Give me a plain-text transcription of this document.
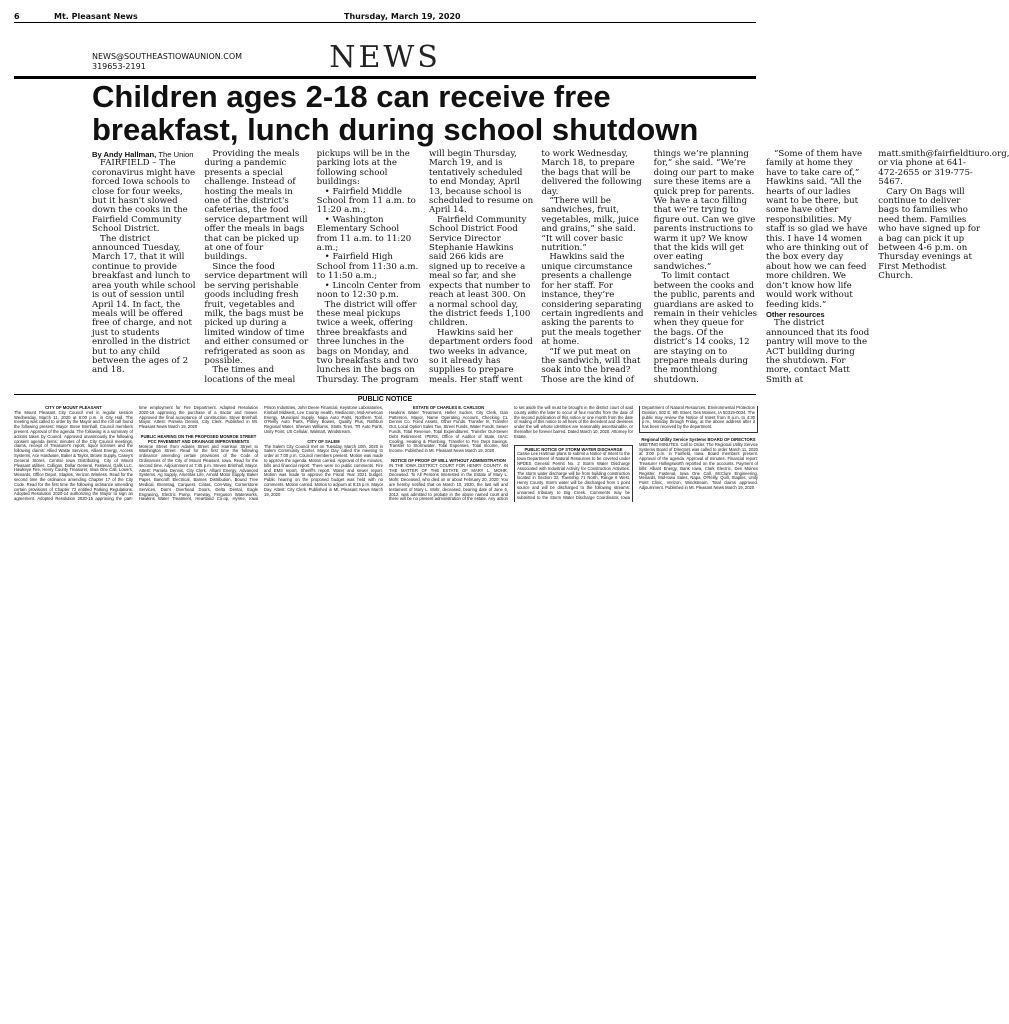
6	Mt. Pleasant News	Thursday, March 19, 2020
NEWS
NEWS@SOUTHEASTIOWAUNION.COM
319653-2191
Children ages 2-18 can receive free breakfast, lunch during school shutdown

By Andy Hallman, The Union

FAIRFIELD – The coronavirus might have forced Iowa schools to close for four weeks, but it hasn't slowed down the cooks in the Fairfield Community School District.

The district announced Tuesday, March 17, that it will continue to provide breakfast and lunch to area youth while school is out of session until April 14. In fact, the meals will be offered free of charge, and not just to students enrolled in the district but to any child between the ages of 2 and 18.

Providing the meals during a pandemic presents a special challenge. Instead of hosting the meals in one of the district's cafeterias, the food service department will offer the meals in bags that can be picked up at one of four buildings.

Since the food service department will be serving perishable goods including fresh fruit, vegetables and milk, the bags must be picked up during a limited window of time and either consumed or refrigerated as soon as possible.

The times and locations of the meal pickups will be in the parking lots at the following school buildings:

• Fairfield Middle School from 11 a.m. to 11:20 a.m.;

• Washington Elementary School from 11 a.m. to 11:20 a.m.;

• Fairfield High School from 11:30 a.m. to 11:50 a.m.;

• Lincoln Center from noon to 12:30 p.m.

The district will offer these meal pickups twice a week, offering three breakfasts and three lunches in the bags on Monday, and two breakfasts and two lunches in the bags on Thursday. The program will begin Thursday, March 19, and is tentatively scheduled to end Monday, April 13, because school is scheduled to resume on April 14.

Fairfield Community School District Food Service Director Stephanie Hawkins said 266 kids are signed up to receive a meal so far, and she expects that number to reach at least 300. On a normal school day, the district feeds 1,100 children.

Hawkins said her department orders food two weeks in advance, so it already has supplies to prepare meals. Her staff went to work Wednesday, March 18, to prepare the bags that will be delivered the following day.

“There will be sandwiches, fruit, vegetables, milk, juice and grains,” she said. “It will cover basic nutrition.”

Hawkins said the unique circumstance presents a challenge for her staff. For instance, they’re considering separating certain ingredients and asking the parents to put the meals together at home.

“If we put meat on the sandwich, will that soak into the bread? Those are the kind of things we’re planning for,” she said. “We’re doing our part to make sure these items are a quick prep for parents. We have a taco filling that we’re trying to figure out. Can we give parents instructions to warm it up? We know that the kids will get over eating sandwiches.”

To limit contact between the cooks and the public, parents and guardians are asked to remain in their vehicles when they queue for the bags. Of the district’s 14 cooks, 12 are staying on to prepare meals during the monthlong shutdown.

“Some of them have family at home they have to take care of,” Hawkins said. “All the hearts of our ladies want to be there, but some have other responsibilities. My staff is so glad we have this. I have 14 women who are thinking out of the box every day about how we can feed more children. We don’t know how life would work without feeding kids.”

Other resources

The district announced that its food pantry will move to the ACT building during the shutdown. For more, contact Matt Smith at matt.smith@fairfieldtiuro.org, or via phone at 641-472-2655 or 319-775-5467.

Cary On Bags will continue to deliver bags to families who need them. Families who have signed up for a bag can pick it up between 4-6 p.m. on Thursday evenings at First Methodist Church.

PUBLIC NOTICE
CITY OF MOUNT PLEASANT
The Mount Pleasant City Council met in regular session Wednesday, March 11, 2020 at 6:00 p.m. in City Hall. The meeting was called to order by the Mayor and the roll call found the following present: Mayor Steve Brimhall, Council members present. Approval of the agenda. The following is a summary of actions taken by Council. Approved unanimously the following consent agenda items: minutes of the City Council meetings, claims, receipt of Treasurer's report, liquor licenses and the following claims: Allied Waste Services, Alliant Energy, Access Systems, Ace Hardware, Baker & Taylor, Brown Supply, Casey's General Stores, Central Iowa Distributing, City of Mount Pleasant utilities, Culligan, Dollar General, Fastenal, Galls LLC, Hawkeye Fire, Henry County Treasurer, Iowa One Call, Lowe's, Menards, Office Depot, Staples, Verizon Wireless. Read for the second time the ordinance amending Chapter 17 of the City Code. Read for the first time the following ordinance amending certain provisions of Chapter 72 entitled Parking Regulations. Adopted Resolution 2020-14 authorizing the Mayor to sign an agreement. Adopted Resolution 2020-15 approving the part-time employment for Fire Department. Adopted Resolution 2020-16 approving the purchase of a tractor and mower. Approved the final acceptance of construction. Steve Brimhall, Mayor. Attest: Pamela Dennis, City Clerk. Published in Mt. Pleasant News March 19, 2020
PUBLIC HEARING ON THE PROPOSED MONROE STREET PCC PAVEMENT AND DRAINAGE IMPROVEMENTS
Monroe Street from Adams Street and Harrison Street to Washington Street. Read for the first time the following ordinance amending certain provisions of the Code of Ordinances of the City of Mount Pleasant, Iowa. Read for the second time. Adjournment at 7:45 p.m. Steven Brimhall, Mayor. Attest: Pamela Dennis, City Clerk. Alliant Energy, Advanced Systems, Ag Supply, Ameritas Life, Arnold Motor Supply, Baker Paper, Bancroft Electrical, Barnes Distribution, Bound Tree Medical, Brenntag, Carquest, Cintas, Con-Way, Cornerstone Services, Dan's Overhead Doors, Delta Dental, Eagle Engraving, Electric Pump, Fareway, Ferguson Waterworks, Hawkins Water Treatment, Heartland Co-op, HyVee, Iowa Prison Industries, John Deere Financial, Keystone Laboratories, Kimball Midwest, Lee County Health, Mediacom, Mid-American Energy, Municipal Supply, Napa Auto Parts, Northern Tool, O'Reilly Auto Parts, Pitney Bowes, Quality Plus, Rathbun Regional Water, Sherwin Williams, Stotts Tires, TR Auto Parts, Unity Point, US Cellular, Walmart, Windstream.
CITY OF SALEM
The Salem City Council met on Tuesday, March 10th, 2020 in Salem Community Center. Mayor Day called the meeting to order at 7:00 p.m. Council members present. Motion was made to approve the agenda. Motion carried. Approval of the minutes, bills and financial report. There were no public comments. Fire and EMS report. Sheriff's report. Water and sewer report. Motion was made to approve the Fiscal Year 2021 budget. Public hearing on the proposed budget was held with no comments. Motion carried. Motion to adjourn at 8:15 p.m. Mayor Day. Attest: City Clerk. Published in Mt. Pleasant News March 19, 2020
ESTATE OF CHARLES E. CARLSON
Hawkins Water Treatment, Heller Sucker, City Clerk, Dan Patterson, Mayor, Name Operating Account. Checking CL Dennis Co. Fixed Assets, Other Funds. Transfer In, Transfer Out, Local Option Sales Tax, Street Funds, Water Funds, Sewer Funds, Total Revenue, Total Expenditures. Transfer Out-Sewer Debt Retirement. IPERS, Office of Auditor of State, ISAC Cooling, Heating & Plumbing. Transfer to Fire Dept Savings. Transfer to Stormwater. Total Expenses, Total Income, Net Income. Published in Mt. Pleasant News March 19, 2020
NOTICE OF PROOF OF WILL WITHOUT ADMINISTRATION
IN THE IOWA DISTRICT COURT FOR HENRY COUNTY. IN THE MATTER OF THE ESTATE OF MARY L. MOHR, Deceased. To All Persons Interested in the Estate of Mary L. Mohr, Deceased, who died on or about February 20, 2020: You are hereby notified that on March 10, 2020, the last will and testament of Mary L. Mohr, deceased, bearing date of June 6, 2012, was admitted to probate in the above named court and there will be no present administration of the estate. Any action to set aside the will must be brought in the district court of said county within the later to occur of four months from the date of the second publication of this notice or one month from the date of mailing of this notice to all heirs of the decedent and devisees under the will whose identities are reasonably ascertainable, or thereafter be forever barred. Dated March 10, 2020. Attorney for Estate.
PUBLIC NOTICE OF STORM WATER DISCHARGE
Cassie Lee Hartman plans to submit a Notice of Intent to the Iowa Department of Natural Resources to be covered under NPDES General Permit No. 2 Storm Water Discharge Associated with Industrial Activity for Construction Activities. The storm water discharge will be from building construction located in Section 32, Township 71 North, Range 6 West, Henry County. Storm water will be discharged from 1 point source and will be discharged to the following streams: unnamed tributary to Big Creek. Comments may be submitted to the Storm Water Discharge Coordinator, Iowa Department of Natural Resources, Environmental Protection Division, 502 E. 9th Street, Des Moines, IA 50319-0034. The public may review the Notice of Intent from 8 a.m. to 4:30 p.m., Monday through Friday, at the above address after it has been received by the department.
Regional Utility Service Systems BOARD OF DIRECTORS
MEETING MINUTES. Call to Order. The Regional Utility Service Systems Board of Directors was called to order March 11, 2020 at 3:00 p.m. in Fairfield, Iowa. Board members present. Approval of the agenda. Approval of minutes. Financial report: Treasurer Hollingsworth reported on the accounts. Payment of bills: Alliant Energy, Bank Iowa, Clark Electric, Des Moines Register, Fastenal, Iowa One Call, McClure Engineering, Menards, Mid-Iowa Sales, Napa, O'Reilly, Quill, Staples, Unity Point Clinic, Verizon, Windstream. Total claims approved. Adjournment. Published in Mt. Pleasant News March 19, 2020
